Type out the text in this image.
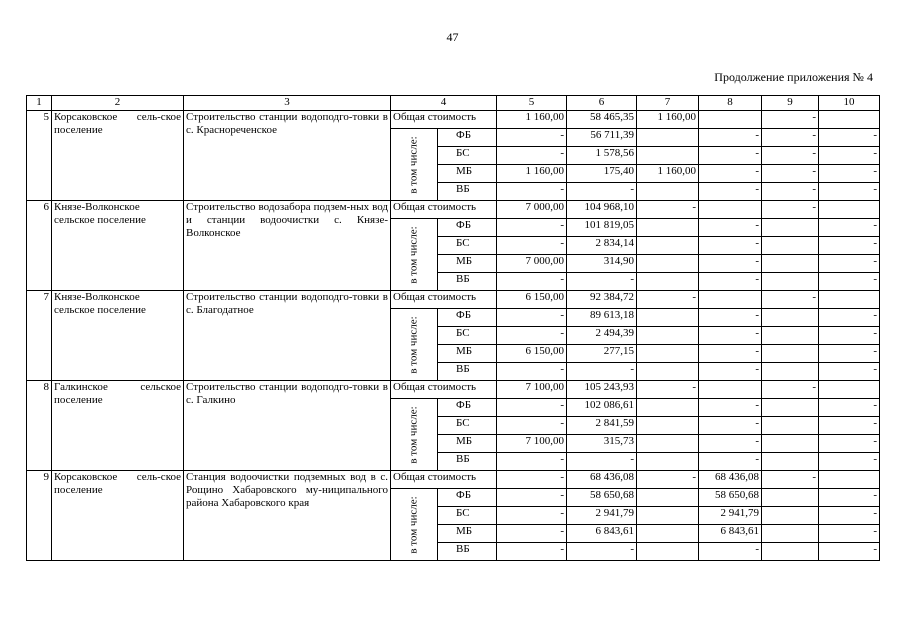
47
Продолжение приложения № 4
1	2	3	4		5	6	7	8	9	10
5	Корсаковское сель-ское поселение	Строительство станции водоподго-товки в с. Краснореченское	Общая стоимость		1 160,00	58 465,35	1 160,00		-	

			в том числе:	ФБ	-	56 711,39		-	-	-
				БС	-	1 578,56		-	-	-
				МБ	1 160,00	175,40	1 160,00	-	-	-
				ВБ	-	-		-	-	-
6	Князе-Волконское сельское поселение	Строительство водозабора подзем-ных вод и станции водоочистки с. Князе-Волконское	Общая стоимость		7 000,00	104 968,10	-		-	

			в том числе:	ФБ	-	101 819,05		-		-
				БС	-	2 834,14		-		-
				МБ	7 000,00	314,90		-		-
				ВБ	-	-		-		-
7	Князе-Волконское сельское поселение	Строительство станции водоподго-товки в с. Благодатное	Общая стоимость		6 150,00	92 384,72	-		-	

			в том числе:	ФБ	-	89 613,18		-		-
				БС	-	2 494,39		-		-
				МБ	6 150,00	277,15		-		-
				ВБ	-	-		-		-
8	Галкинское сельское поселение	Строительство станции водоподго-товки в с. Галкино	Общая стоимость		7 100,00	105 243,93	-		-	

			в том числе:	ФБ	-	102 086,61		-		-
				БС	-	2 841,59		-		-
				МБ	7 100,00	315,73		-		-
				ВБ	-	-		-		-
9	Корсаковское сель-ское поселение	Станция водоочистки подземных вод в с. Рощино Хабаровского му-ниципального района Хабаровского края	Общая стоимость		-	68 436,08	-	68 436,08	-	

			в том числе:	ФБ	-	58 650,68		58 650,68		-
				БС	-	2 941,79		2 941,79		-
				МБ	-	6 843,61		6 843,61		-
				ВБ	-	-		-		-
